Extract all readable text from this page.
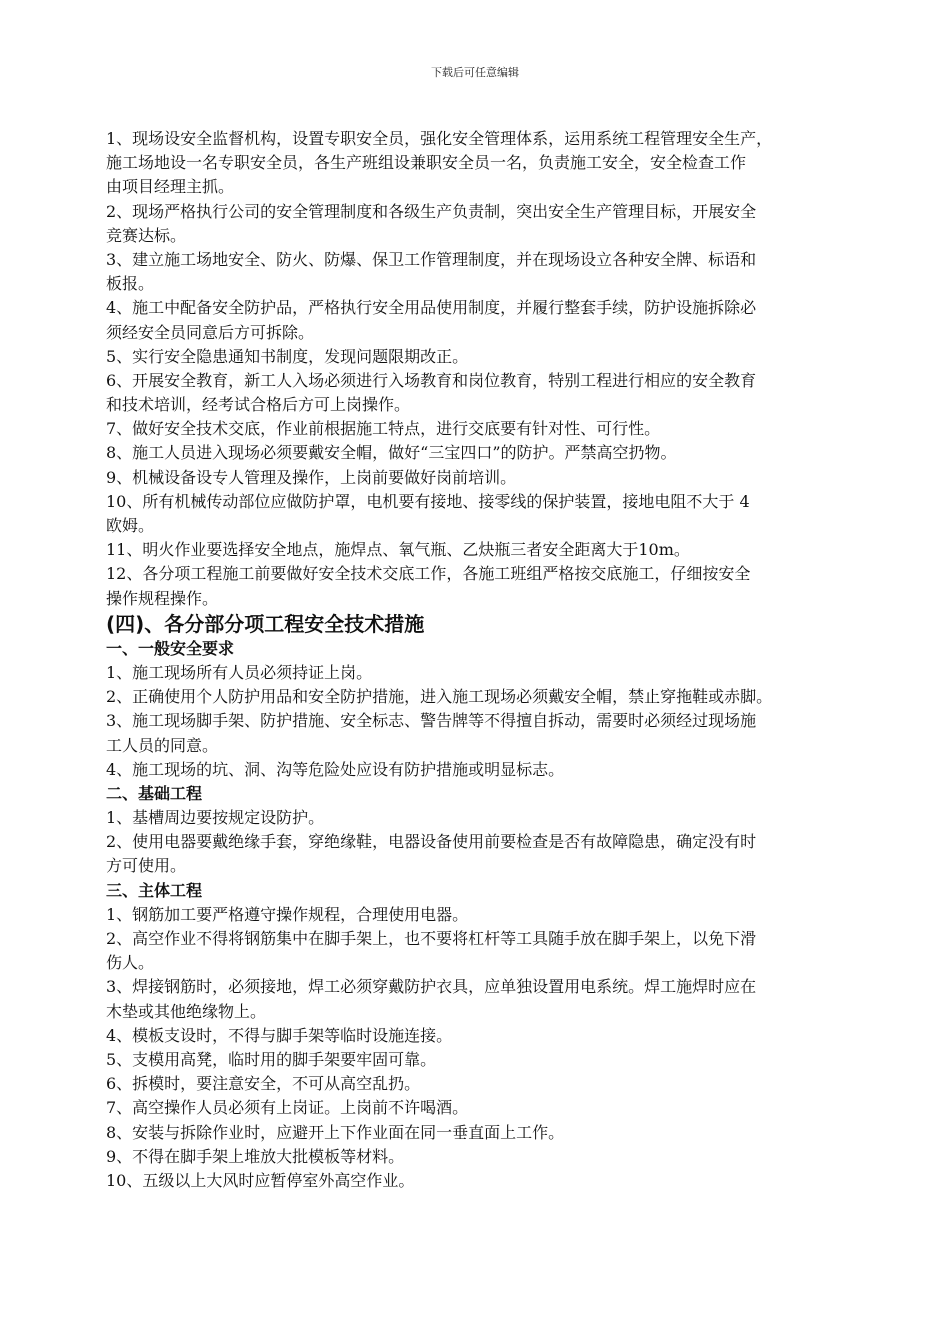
下载后可任意编辑
1、现场设安全监督机构，设置专职安全员，强化安全管理体系，运用系统工程管理安全生产，
施工场地设一名专职安全员，各生产班组设兼职安全员一名，负责施工安全，安全检查工作
由项目经理主抓。
2、现场严格执行公司的安全管理制度和各级生产负责制，突出安全生产管理目标，开展安全
竞赛达标。
3、建立施工场地安全、防火、防爆、保卫工作管理制度，并在现场设立各种安全牌、标语和
板报。
4、施工中配备安全防护品，严格执行安全用品使用制度，并履行整套手续，防护设施拆除必
须经安全员同意后方可拆除。
5、实行安全隐患通知书制度，发现问题限期改正。
6、开展安全教育，新工人入场必须进行入场教育和岗位教育，特别工程进行相应的安全教育
和技术培训，经考试合格后方可上岗操作。
7、做好安全技术交底，作业前根据施工特点，进行交底要有针对性、可行性。
8、施工人员进入现场必须要戴安全帽，做好“三宝四口”的防护。严禁高空扔物。
9、机械设备设专人管理及操作，上岗前要做好岗前培训。
10、所有机械传动部位应做防护罩，电机要有接地、接零线的保护装置，接地电阻不大于 4
欧姆。
11、明火作业要选择安全地点，施焊点、氧气瓶、乙炔瓶三者安全距离大于10m。
12、各分项工程施工前要做好安全技术交底工作，各施工班组严格按交底施工，仔细按安全
操作规程操作。
(四)、各分部分项工程安全技术措施
一、一般安全要求
1、施工现场所有人员必须持证上岗。
2、正确使用个人防护用品和安全防护措施，进入施工现场必须戴安全帽，禁止穿拖鞋或赤脚。
3、施工现场脚手架、防护措施、安全标志、警告牌等不得擅自拆动，需要时必须经过现场施
工人员的同意。
4、施工现场的坑、洞、沟等危险处应设有防护措施或明显标志。
二、基础工程
1、基槽周边要按规定设防护。
2、使用电器要戴绝缘手套，穿绝缘鞋，电器设备使用前要检查是否有故障隐患，确定没有时
方可使用。
三、主体工程
1、钢筋加工要严格遵守操作规程，合理使用电器。
2、高空作业不得将钢筋集中在脚手架上，也不要将杠杆等工具随手放在脚手架上，以免下滑
伤人。
3、焊接钢筋时，必须接地，焊工必须穿戴防护衣具，应单独设置用电系统。焊工施焊时应在
木垫或其他绝缘物上。
4、模板支设时，不得与脚手架等临时设施连接。
5、支模用高凳，临时用的脚手架要牢固可靠。
6、拆模时，要注意安全，不可从高空乱扔。
7、高空操作人员必须有上岗证。上岗前不许喝酒。
8、安装与拆除作业时，应避开上下作业面在同一垂直面上工作。
9、不得在脚手架上堆放大批模板等材料。
10、五级以上大风时应暂停室外高空作业。
